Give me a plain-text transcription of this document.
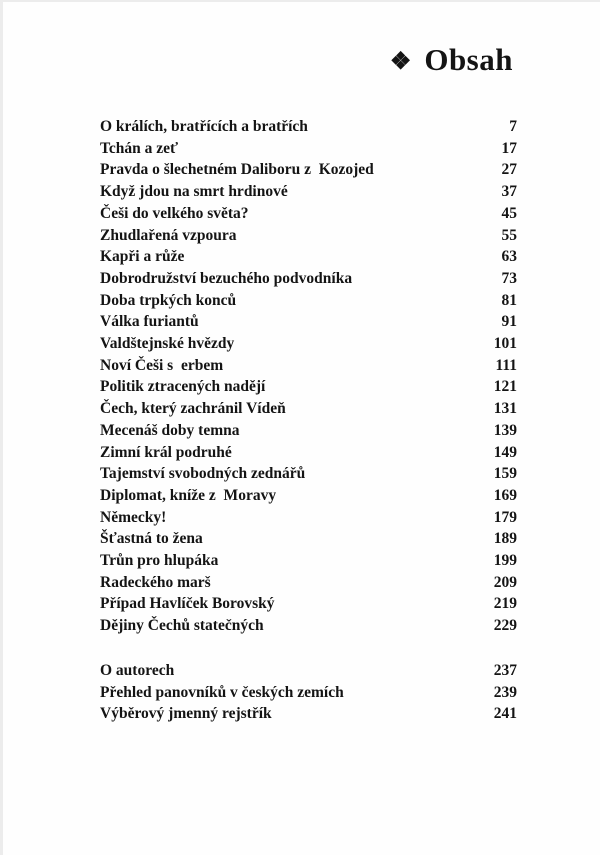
❖ Obsah
O králích, bratřících a bratřích	7
Tchán a zeť	17
Pravda o šlechetném Daliboru z  Kozojed	27
Když jdou na smrt hrdinové	37
Češi do velkého světa?	45
Zhudlařená vzpoura	55
Kapři a růže	63
Dobrodružství bezuchého podvodníka	73
Doba trpkých konců	81
Válka furiantů	91
Valdštejnské hvězdy	101
Noví Češi s  erbem	111
Politik ztracených nadějí	121
Čech, který zachránil Vídeň	131
Mecenáš doby temna	139
Zimní král podruhé	149
Tajemství svobodných zednářů	159
Diplomat, kníže z  Moravy	169
Německy!	179
Šťastná to žena	189
Trůn pro hlupáka	199
Radeckého marš	209
Případ Havlíček Borovský	219
Dějiny Čechů statečných	229
O autorech	237
Přehled panovníků v českých zemích	239
Výběrový jmenný rejstřík	241
